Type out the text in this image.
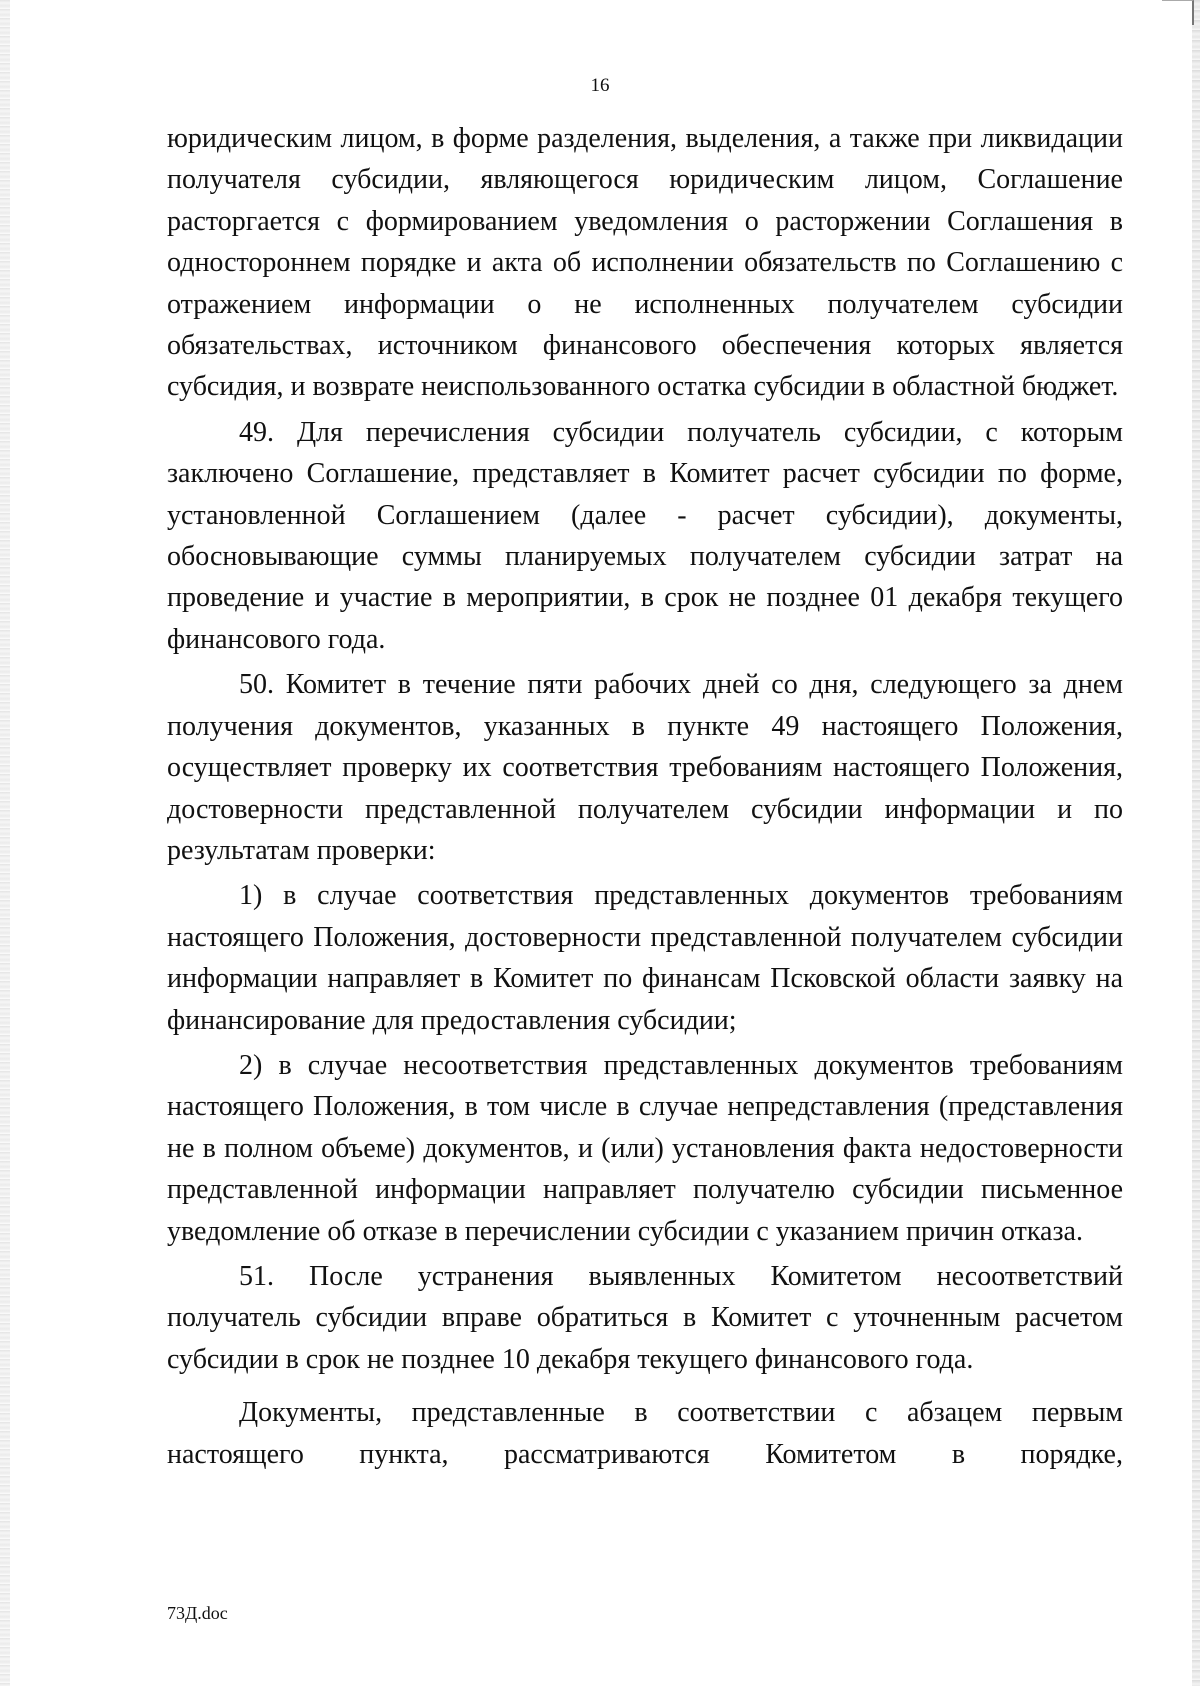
16

юридическим лицом, в форме разделения, выделения, а также при ликвидации получателя субсидии, являющегося юридическим лицом, Соглашение расторгается с формированием уведомления о расторжении Соглашения в одностороннем порядке и акта об исполнении обязательств по Соглашению с отражением информации о не исполненных получателем субсидии обязательствах, источником финансового обеспечения которых является субсидия, и возврате неиспользованного остатка субсидии в областной бюджет.

49. Для перечисления субсидии получатель субсидии, с которым заключено Соглашение, представляет в Комитет расчет субсидии по форме, установленной Соглашением (далее - расчет субсидии), документы, обосновывающие суммы планируемых получателем субсидии затрат на проведение и участие в мероприятии, в срок не позднее 01 декабря текущего финансового года.

50. Комитет в течение пяти рабочих дней со дня, следующего за днем получения документов, указанных в пункте 49 настоящего Положения, осуществляет проверку их соответствия требованиям настоящего Положения, достоверности представленной получателем субсидии информации и по результатам проверки:

1) в случае соответствия представленных документов требованиям настоящего Положения, достоверности представленной получателем субсидии информации направляет в Комитет по финансам Псковской области заявку на финансирование для предоставления субсидии;

2) в случае несоответствия представленных документов требованиям настоящего Положения, в том числе в случае непредставления (представления не в полном объеме) документов, и (или) установления факта недостоверности представленной информации направляет получателю субсидии письменное уведомление об отказе в перечислении субсидии с указанием причин отказа.

51. После устранения выявленных Комитетом несоответствий получатель субсидии вправе обратиться в Комитет с уточненным расчетом субсидии в срок не позднее 10 декабря текущего финансового года.

Документы, представленные в соответствии с абзацем первым настоящего пункта, рассматриваются Комитетом в порядке,

73Д.doc
